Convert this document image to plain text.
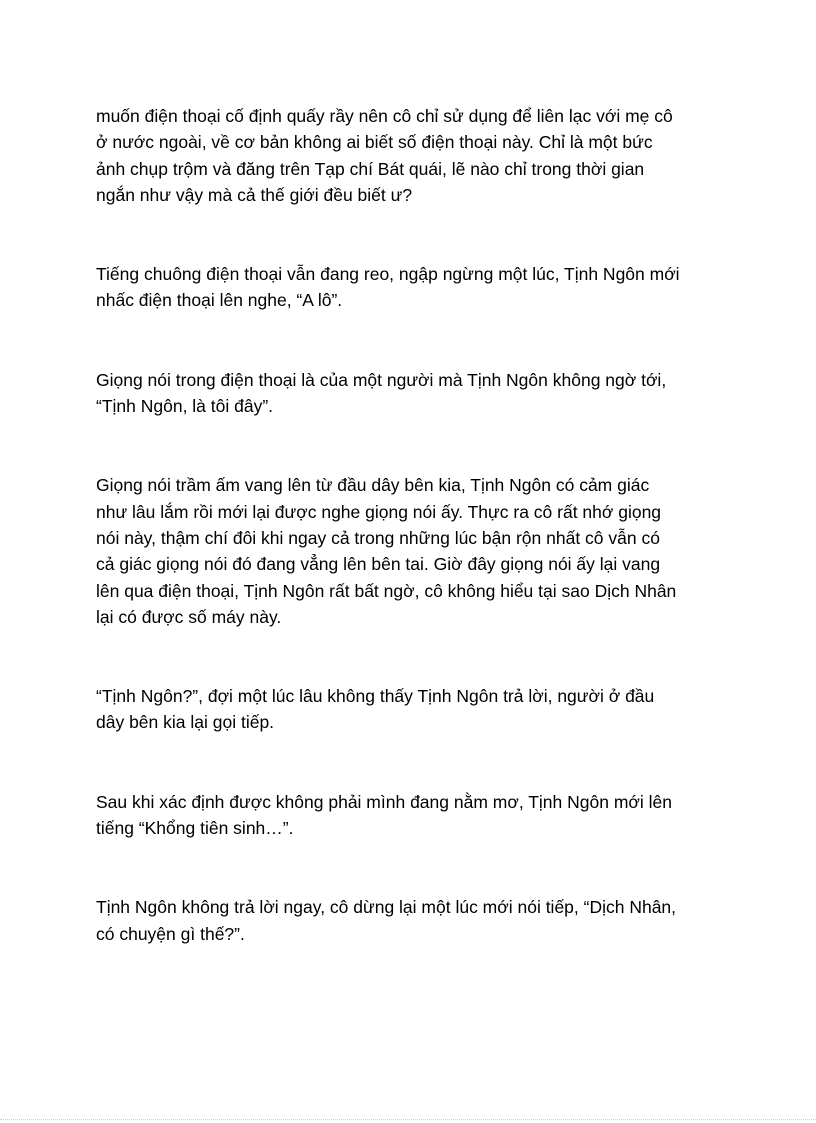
muốn điện thoại cố định quấy rầy nên cô chỉ sử dụng để liên lạc với mẹ cô
ở nước ngoài, về cơ bản không ai biết số điện thoại này. Chỉ là một bức
ảnh chụp trộm và đăng trên Tạp chí Bát quái, lẽ nào chỉ trong thời gian
ngắn như vậy mà cả thế giới đều biết ư?

Tiếng chuông điện thoại vẫn đang reo, ngập ngừng một lúc, Tịnh Ngôn mới
nhấc điện thoại lên nghe, “A lô”.

Giọng nói trong điện thoại là của một người mà Tịnh Ngôn không ngờ tới,
“Tịnh Ngôn, là tôi đây”.

Giọng nói trầm ấm vang lên từ đầu dây bên kia, Tịnh Ngôn có cảm giác
như lâu lắm rồi mới lại được nghe giọng nói ấy. Thực ra cô rất nhớ giọng
nói này, thậm chí đôi khi ngay cả trong những lúc bận rộn nhất cô vẫn có
cả giác giọng nói đó đang vẳng lên bên tai. Giờ đây giọng nói ấy lại vang
lên qua điện thoại, Tịnh Ngôn rất bất ngờ, cô không hiểu tại sao Dịch Nhân
lại có được số máy này.

“Tịnh Ngôn?”, đợi một lúc lâu không thấy Tịnh Ngôn trả lời, người ở đầu
dây bên kia lại gọi tiếp.

Sau khi xác định được không phải mình đang nằm mơ, Tịnh Ngôn mới lên
tiếng “Khổng tiên sinh…”.

Tịnh Ngôn không trả lời ngay, cô dừng lại một lúc mới nói tiếp, “Dịch Nhân,
có chuyện gì thế?”.
